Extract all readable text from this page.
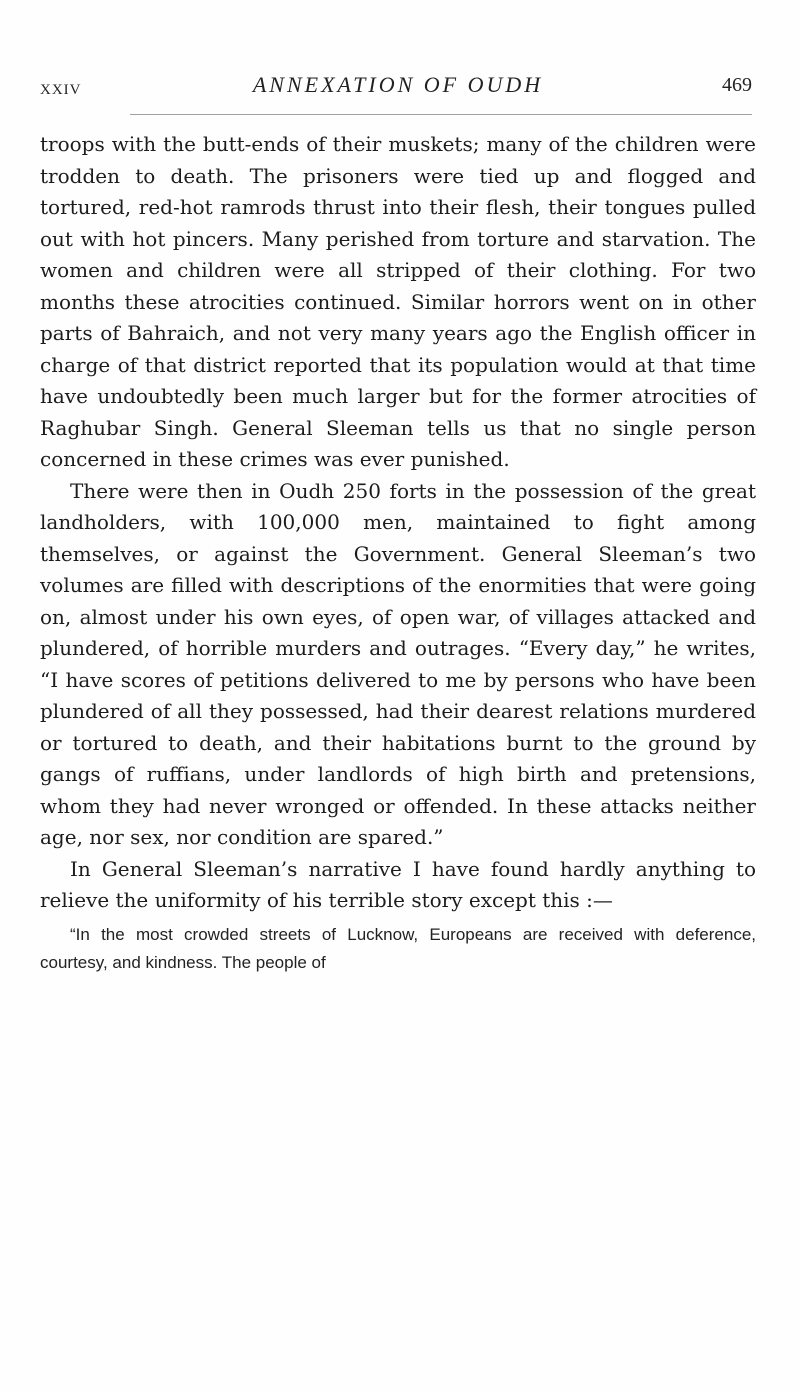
XXIV	ANNEXATION OF OUDH	469

troops with the butt-ends of their muskets; many of the children were trodden to death. The prisoners were tied up and flogged and tortured, red-hot ramrods thrust into their flesh, their tongues pulled out with hot pincers. Many perished from torture and starvation. The women and children were all stripped of their clothing. For two months these atrocities continued. Similar horrors went on in other parts of Bahraich, and not very many years ago the English officer in charge of that district reported that its population would at that time have undoubtedly been much larger but for the former atrocities of Raghubar Singh. General Sleeman tells us that no single person concerned in these crimes was ever punished.

There were then in Oudh 250 forts in the possession of the great landholders, with 100,000 men, maintained to fight among themselves, or against the Government. General Sleeman’s two volumes are filled with descriptions of the enormities that were going on, almost under his own eyes, of open war, of villages attacked and plundered, of horrible murders and outrages. “Every day,” he writes, “I have scores of petitions delivered to me by persons who have been plundered of all they possessed, had their dearest relations murdered or tortured to death, and their habitations burnt to the ground by gangs of ruffians, under landlords of high birth and pretensions, whom they had never wronged or offended. In these attacks neither age, nor sex, nor condition are spared.”

In General Sleeman’s narrative I have found hardly anything to relieve the uniformity of his terrible story except this :—

“In the most crowded streets of Lucknow, Europeans are received with deference, courtesy, and kindness. The people of
